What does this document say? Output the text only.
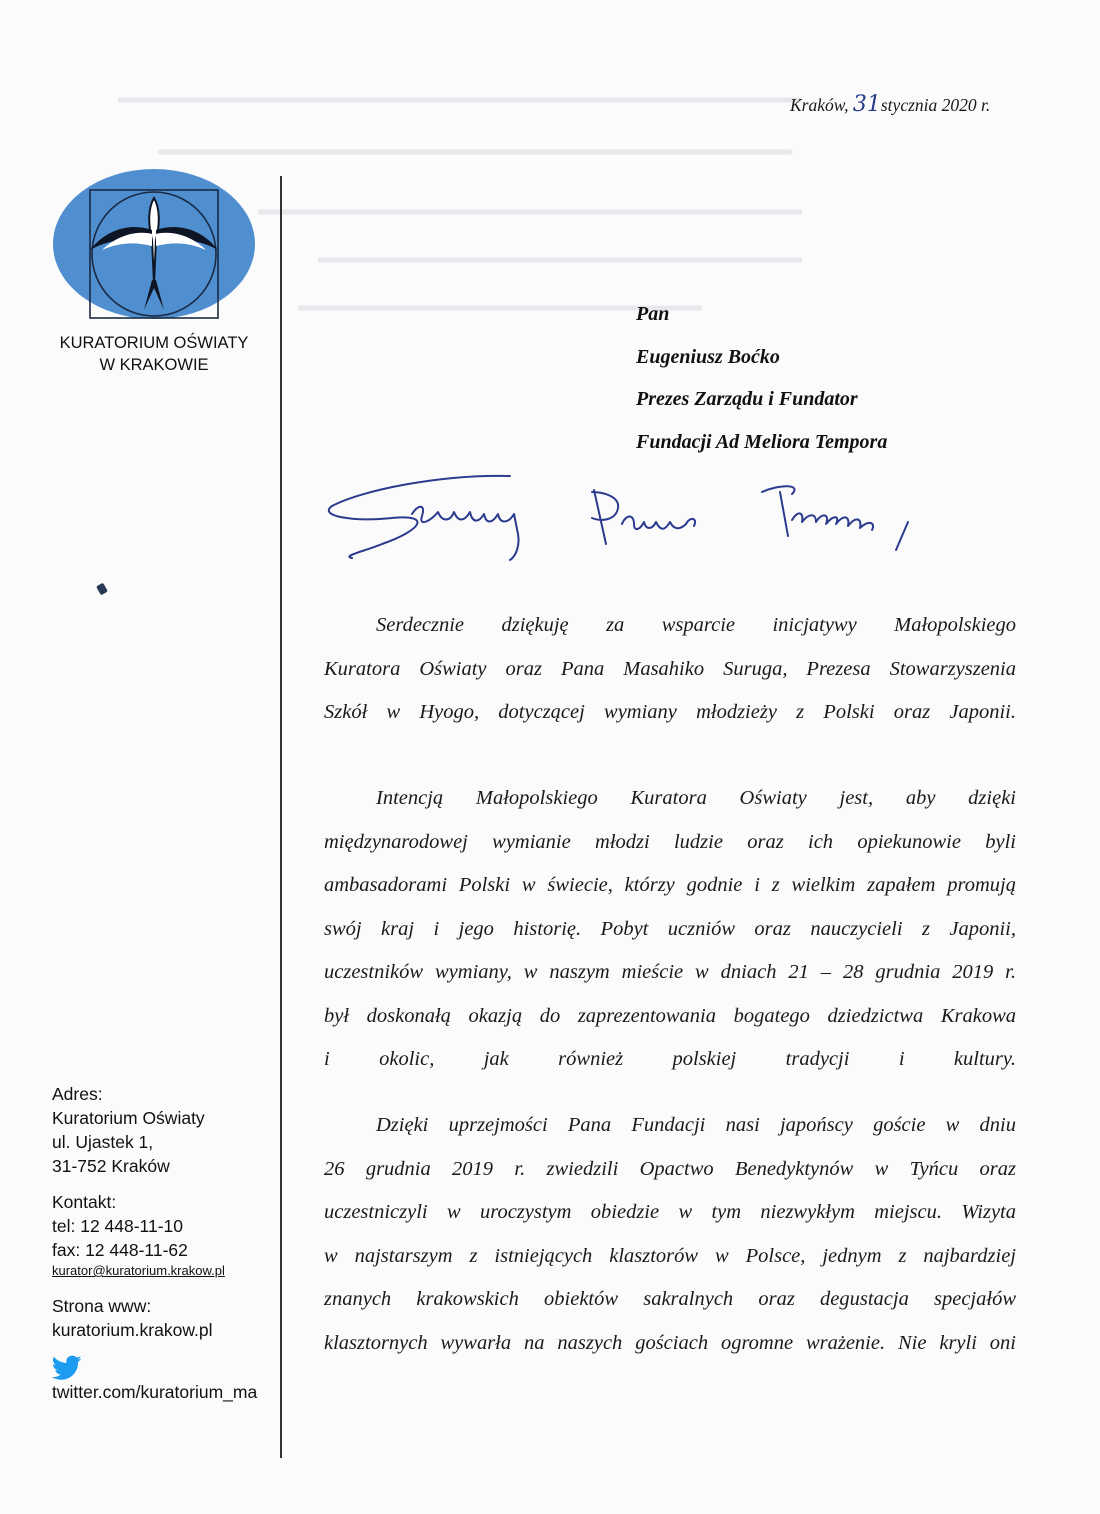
KURATORIUM OŚWIATY
W KRAKOWIE
Adres:
Kuratorium Oświaty
ul. Ujastek 1,
31-752 Kraków
Kontakt:
tel: 12 448-11-10
fax: 12 448-11-62
kurator@kuratorium.krakow.pl
Strona www:
kuratorium.krakow.pl
twitter.com/kuratorium_ma
Kraków, 31stycznia 2020 r.
Pan
Eugeniusz Boćko
Prezes Zarządu i Fundator
Fundacji Ad Meliora Tempora
Serdecznie dziękuję za wsparcie inicjatywy Małopolskiego
Kuratora Oświaty oraz Pana Masahiko Suruga, Prezesa Stowarzyszenia
Szkół w Hyogo, dotyczącej wymiany młodzieży z Polski oraz Japonii.
Intencją Małopolskiego Kuratora Oświaty jest, aby dzięki
międzynarodowej wymianie młodzi ludzie oraz ich opiekunowie byli
ambasadorami Polski w świecie, którzy godnie i z wielkim zapałem promują
swój kraj i jego historię. Pobyt uczniów oraz nauczycieli z Japonii,
uczestników wymiany, w naszym mieście w dniach 21 – 28 grudnia 2019 r.
był doskonałą okazją do zaprezentowania bogatego dziedzictwa Krakowa
i okolic, jak również polskiej tradycji i kultury.
Dzięki uprzejmości Pana Fundacji nasi japońscy goście w dniu
26 grudnia 2019 r. zwiedzili Opactwo Benedyktynów w Tyńcu oraz
uczestniczyli w uroczystym obiedzie w tym niezwykłym miejscu. Wizyta
w najstarszym z istniejących klasztorów w Polsce, jednym z najbardziej
znanych krakowskich obiektów sakralnych oraz degustacja specjałów
klasztornych wywarła na naszych gościach ogromne wrażenie. Nie kryli oni
